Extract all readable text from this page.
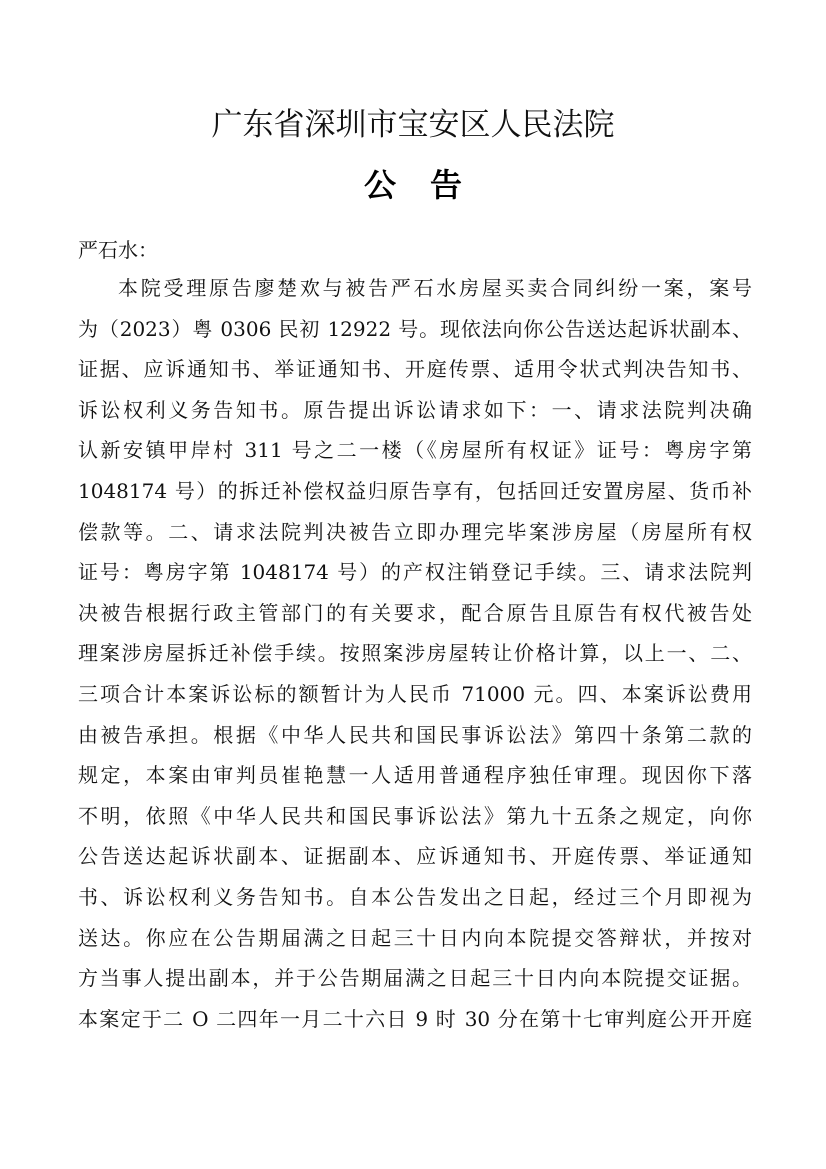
广东省深圳市宝安区人民法院
公 告
严石水：
本院受理原告廖楚欢与被告严石水房屋买卖合同纠纷一案，案号
为（2023）粤 0306 民初 12922 号。现依法向你公告送达起诉状副本、
证据、应诉通知书、举证通知书、开庭传票、适用令状式判决告知书、
诉讼权利义务告知书。原告提出诉讼请求如下：一、请求法院判决确
认新安镇甲岸村 311 号之二一楼（《房屋所有权证》证号：粤房字第
1048174 号）的拆迁补偿权益归原告享有，包括回迁安置房屋、货币补
偿款等。二、请求法院判决被告立即办理完毕案涉房屋（房屋所有权
证号：粤房字第 1048174 号）的产权注销登记手续。三、请求法院判
决被告根据行政主管部门的有关要求，配合原告且原告有权代被告处
理案涉房屋拆迁补偿手续。按照案涉房屋转让价格计算，以上一、二、
三项合计本案诉讼标的额暂计为人民币 71000 元。四、本案诉讼费用
由被告承担。根据《中华人民共和国民事诉讼法》第四十条第二款的
规定，本案由审判员崔艳慧一人适用普通程序独任审理。现因你下落
不明，依照《中华人民共和国民事诉讼法》第九十五条之规定，向你
公告送达起诉状副本、证据副本、应诉通知书、开庭传票、举证通知
书、诉讼权利义务告知书。自本公告发出之日起，经过三个月即视为
送达。你应在公告期届满之日起三十日内向本院提交答辩状，并按对
方当事人提出副本，并于公告期届满之日起三十日内向本院提交证据。
本案定于二 O 二四年一月二十六日 9 时 30 分在第十七审判庭公开开庭
